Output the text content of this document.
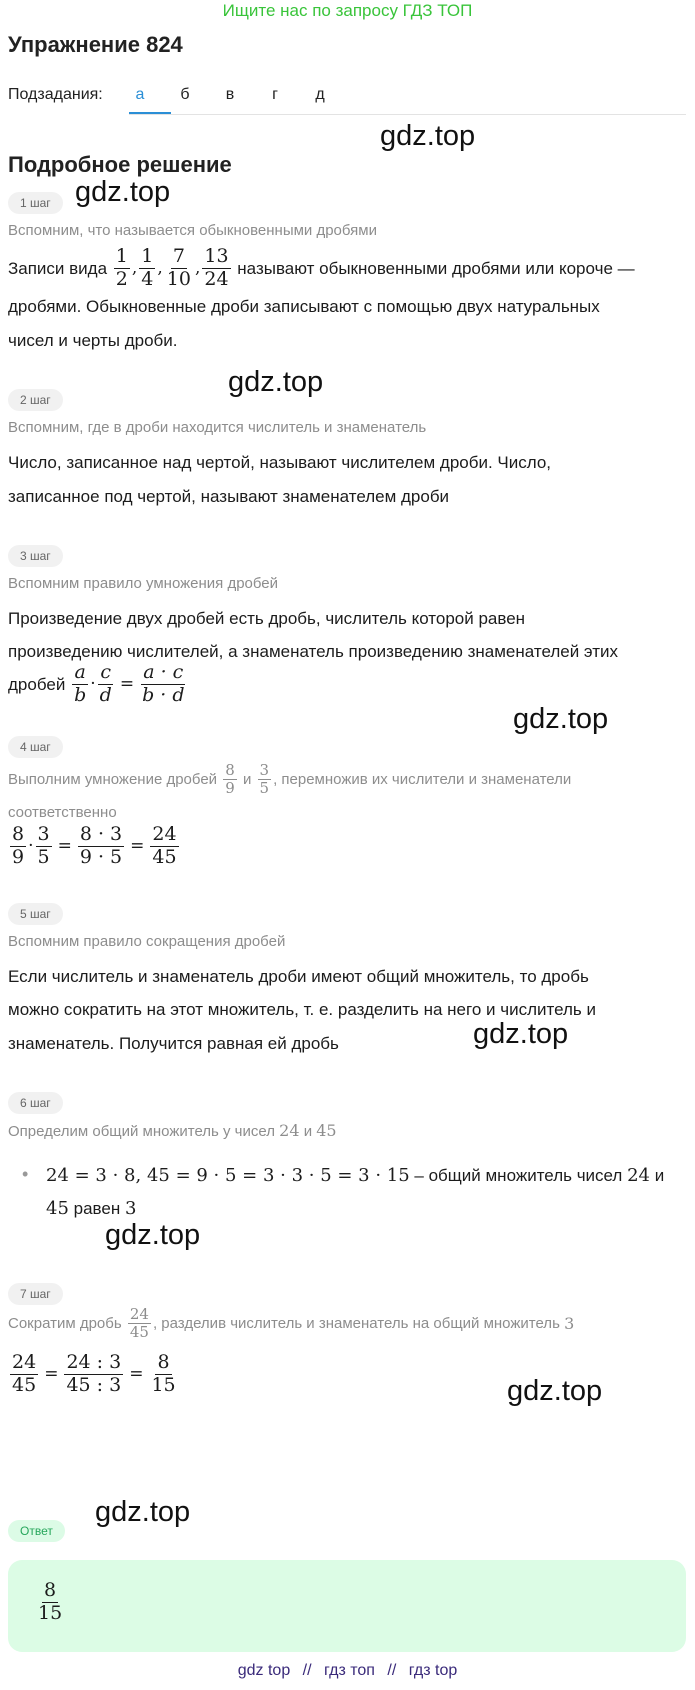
Ищите нас по запросу ГДЗ ТОП
Упражнение 824
Подзадания:	а	б	в	г	д
Подробное решение
gdz.top
gdz.top
gdz.top
gdz.top
gdz.top
gdz.top
gdz.top
gdz.top
1 шаг
Вспомним, что называется обыкновенными дробями
Записи вида
$\frac{1}{2}$ , $\frac{1}{4}$ , $\frac{7}{10}$ , $\frac{13}{24}$
называют обыкновенными дробями или короче —
дробями. Обыкновенные дроби записывают с помощью двух натуральных
чисел и черты дроби.
2 шаг
Вспомним, где в дроби находится числитель и знаменатель
Число, записанное над чертой, называют числителем дроби. Число,
записанное под чертой, называют знаменателем дроби
3 шаг
Вспомним правило умножения дробей
Произведение двух дробей есть дробь, числитель которой равен
произведению числителей, а знаменатель произведению знаменателей этих
дробей
$\frac{a}{b} \cdot \frac{c}{d} = \frac{a \cdot c}{b \cdot d}$
4 шаг
Выполним умножение дробей
$\frac{8}{9}$
и
$\frac{3}{5}$ , перемножив их числители и знаменатели
соответственно
$\frac{8}{9} \cdot \frac{3}{5} = \frac{8 \cdot 3}{9 \cdot 5} = \frac{24}{45}$
5 шаг
Вспомним правило сокращения дробей
Если числитель и знаменатель дроби имеют общий множитель, то дробь
можно сократить на этот множитель, т. е. разделить на него и числитель и
знаменатель. Получится равная ей дробь
6 шаг
Определим общий множитель у чисел 24 и 45
• 24 = 3 · 8, 45 = 9 · 5 = 3 · 3 · 5 = 3 · 15 – общий множитель чисел 24 и
45 равен 3
7 шаг
Сократим дробь
$\frac{24}{45}$ , разделив числитель и знаменатель на общий множитель
3
$\frac{24}{45} = \frac{24 : 3}{45 : 3} = \frac{8}{15}$
Ответ
$\frac{8}{15}$
gdz top // гдз топ // гдз top
